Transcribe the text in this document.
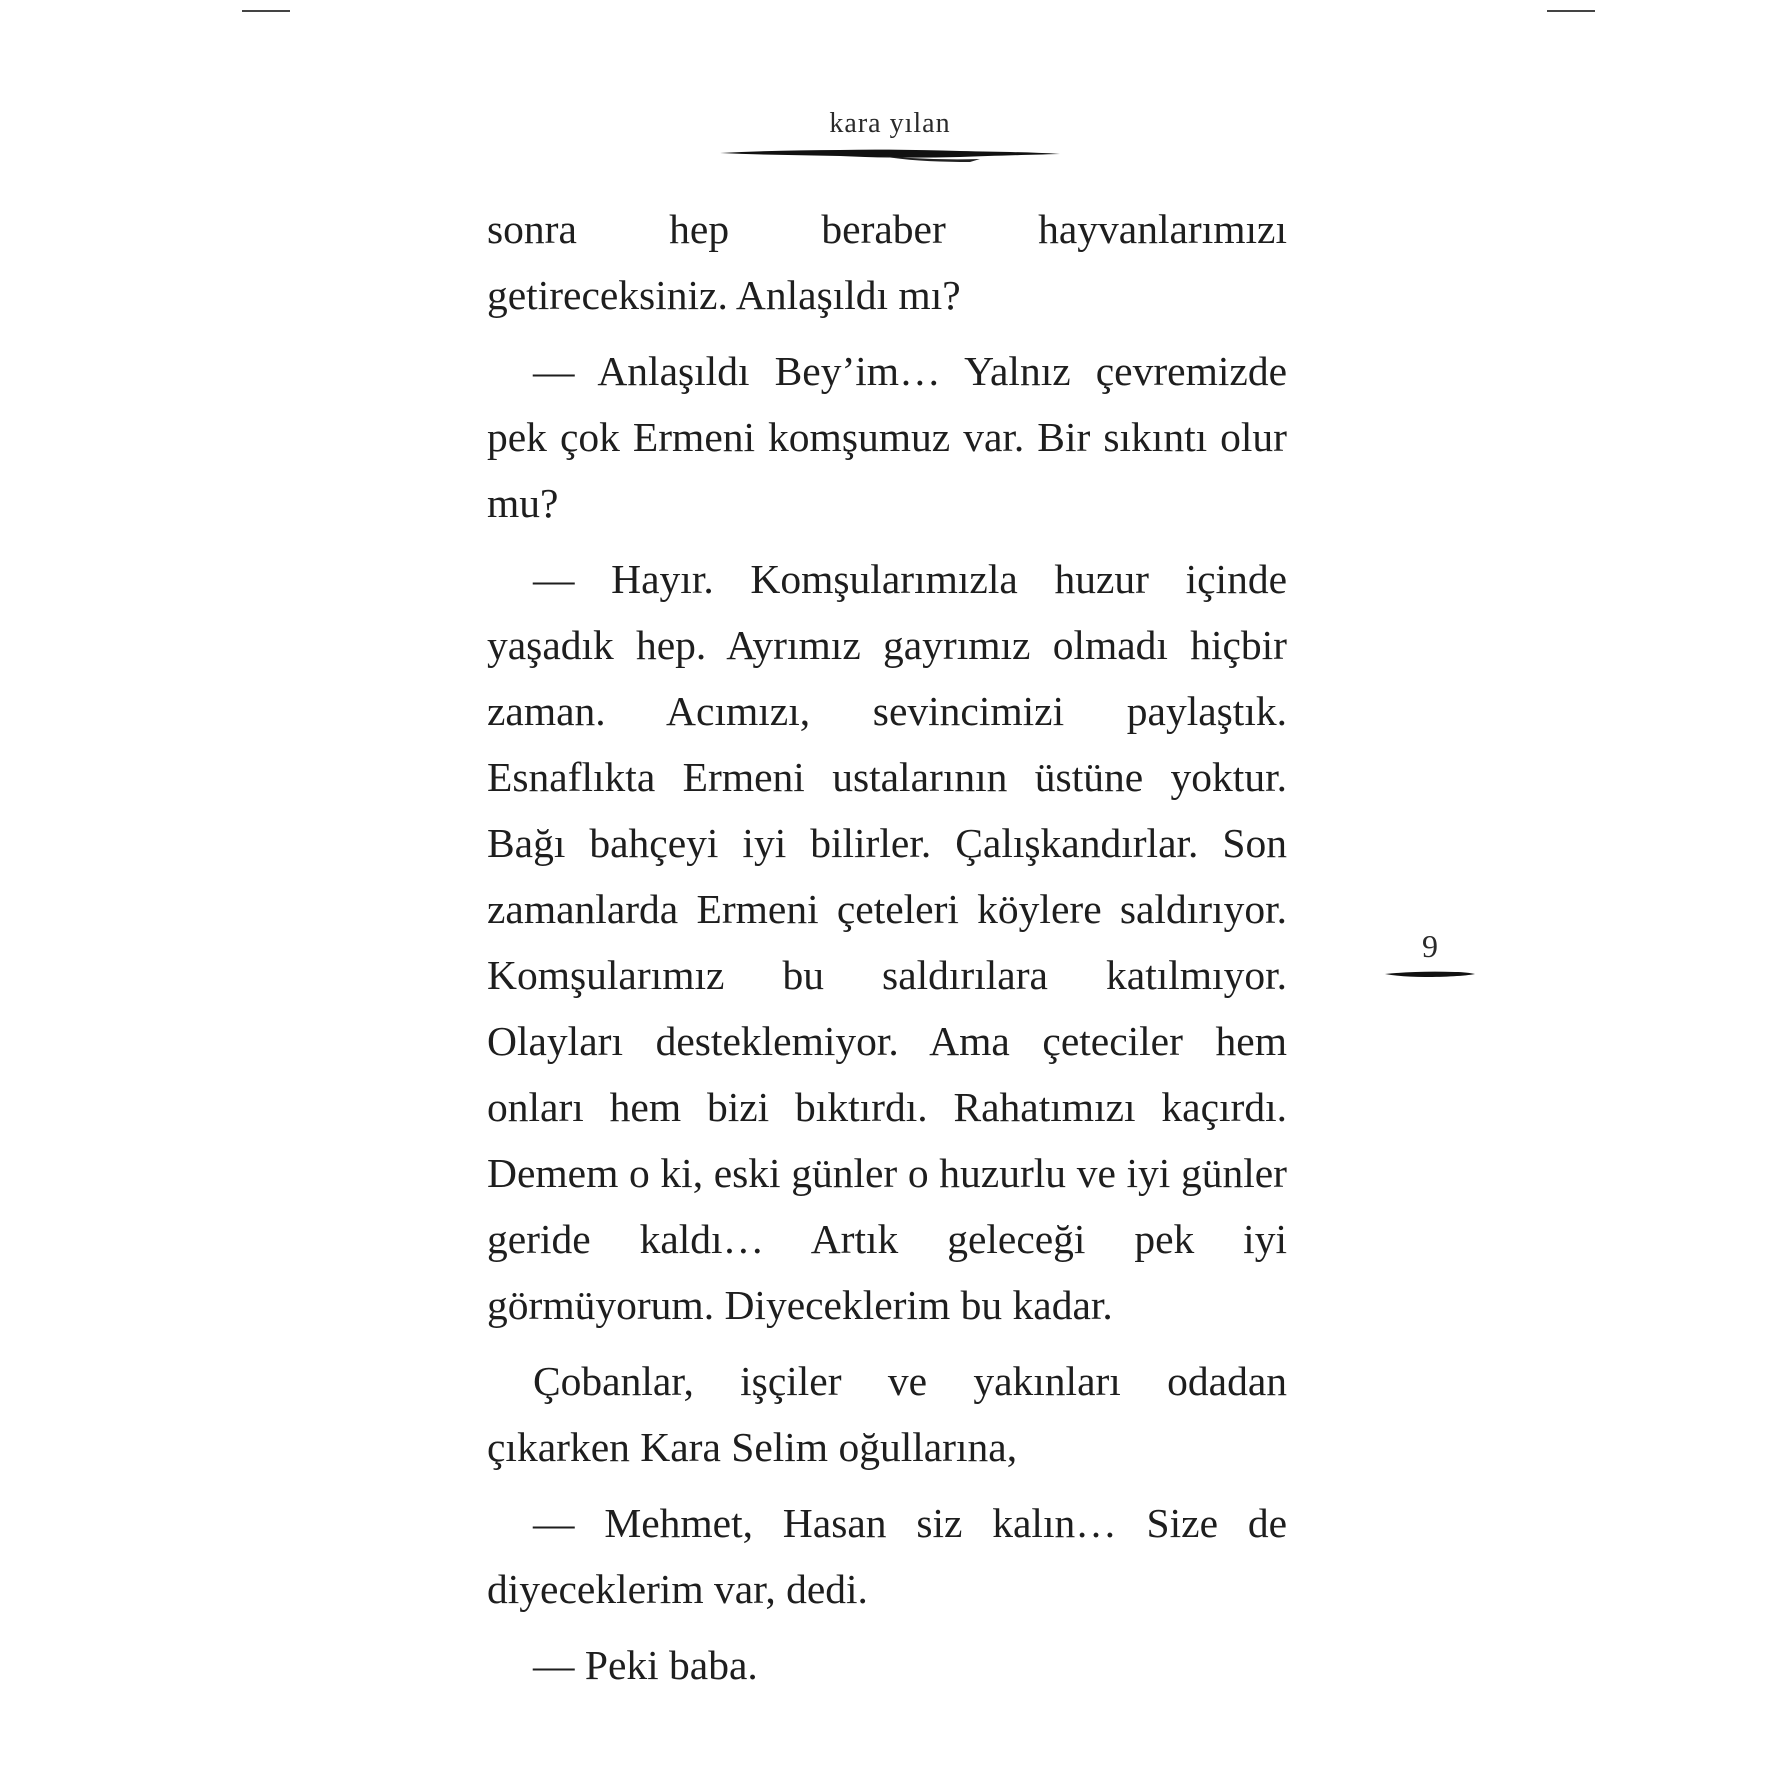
kara yılan

sonra hep beraber hayvanlarımızı getireceksiniz. Anlaşıldı mı?

— Anlaşıldı Bey’im… Yalnız çevremizde pek çok Ermeni komşumuz var. Bir sıkıntı olur mu?

— Hayır. Komşularımızla huzur içinde yaşadık hep. Ayrımız gayrımız olmadı hiçbir zaman. Acımızı, sevincimizi paylaştık. Esnaflıkta Ermeni ustalarının üstüne yoktur. Bağı bahçeyi iyi bilirler. Çalışkandırlar. Son zamanlarda Ermeni çeteleri köylere saldırıyor. Komşularımız bu saldırılara katılmıyor. Olayları desteklemiyor. Ama çeteciler hem onları hem bizi bıktırdı. Rahatımızı kaçırdı. Demem o ki, eski günler o huzurlu ve iyi günler geride kaldı… Artık geleceği pek iyi görmüyorum. Diyeceklerim bu kadar.

Çobanlar, işçiler ve yakınları odadan çıkarken Kara Selim oğullarına,

— Mehmet, Hasan siz kalın… Size de diyeceklerim var, dedi.

— Peki baba.

9
